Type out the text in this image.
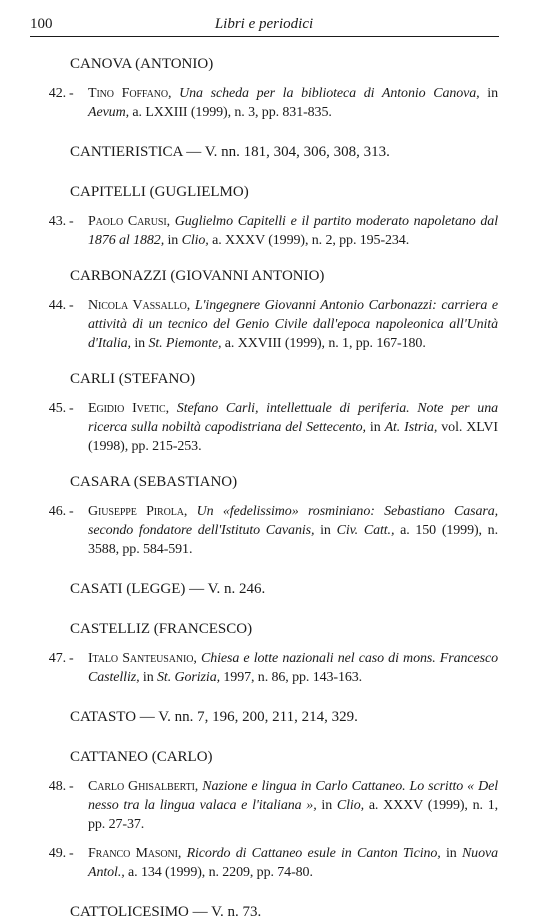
100	Libri e periodici
CANOVA (ANTONIO)
42. - Tino Foffano, Una scheda per la biblioteca di Antonio Canova, in Aevum, a. LXXIII (1999), n. 3, pp. 831-835.
CANTIERISTICA — V. nn. 181, 304, 306, 308, 313.
CAPITELLI (GUGLIELMO)
43. - Paolo Carusi, Guglielmo Capitelli e il partito moderato napoletano dal 1876 al 1882, in Clio, a. XXXV (1999), n. 2, pp. 195-234.
CARBONAZZI (GIOVANNI ANTONIO)
44. - Nicola Vassallo, L'ingegnere Giovanni Antonio Carbonazzi: carriera e attività di un tecnico del Genio Civile dall'epoca napoleonica all'Unità d'Italia, in St. Piemonte, a. XXVIII (1999), n. 1, pp. 167-180.
CARLI (STEFANO)
45. - Egidio Ivetic, Stefano Carli, intellettuale di periferia. Note per una ricerca sulla nobiltà capodistriana del Settecento, in At. Istria, vol. XLVI (1998), pp. 215-253.
CASARA (SEBASTIANO)
46. - Giuseppe Pirola, Un «fedelissimo» rosminiano: Sebastiano Casara, secondo fondatore dell'Istituto Cavanis, in Civ. Catt., a. 150 (1999), n. 3588, pp. 584-591.
CASATI (LEGGE) — V. n. 246.
CASTELLIZ (FRANCESCO)
47. - Italo Santeusanio, Chiesa e lotte nazionali nel caso di mons. Francesco Castelliz, in St. Gorizia, 1997, n. 86, pp. 143-163.
CATASTO — V. nn. 7, 196, 200, 211, 214, 329.
CATTANEO (CARLO)
48. - Carlo Ghisalberti, Nazione e lingua in Carlo Cattaneo. Lo scritto « Del nesso tra la lingua valaca e l'italiana », in Clio, a. XXXV (1999), n. 1, pp. 27-37.
49. - Franco Masoni, Ricordo di Cattaneo esule in Canton Ticino, in Nuova Antol., a. 134 (1999), n. 2209, pp. 74-80.
CATTOLICESIMO — V. n. 73.
